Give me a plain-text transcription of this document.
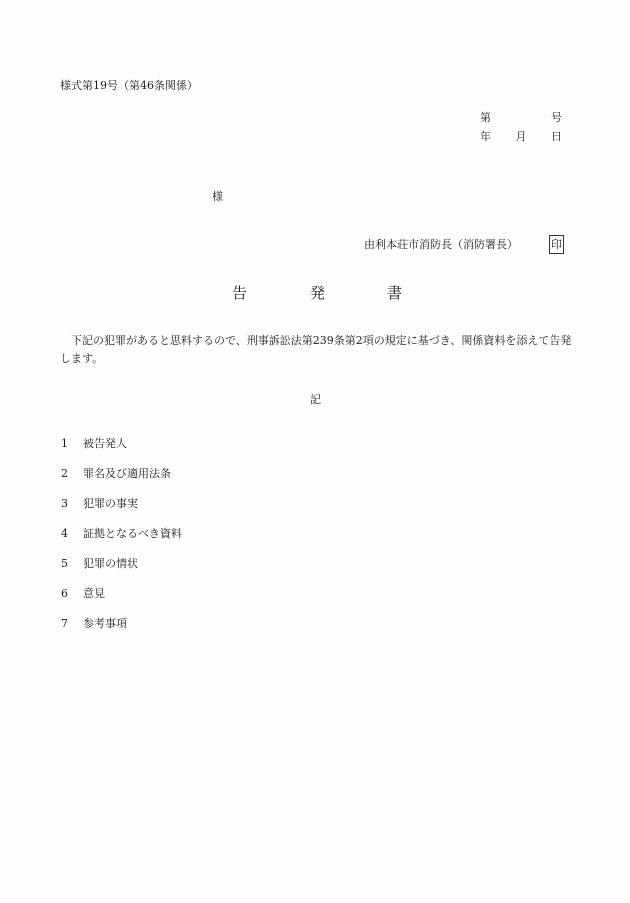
様式第19号（第46条関係）
第	号
年 月 日
様
由利本荘市消防長（消防署長）	印
告	発	書
下記の犯罪があると思料するので、刑事訴訟法第239条第2項の規定に基づき、関係資料を添えて告発します。
記
1	被告発人
2	罪名及び適用法条
3	犯罪の事実
4	証拠となるべき資料
5	犯罪の情状
6	意見
7	参考事項
